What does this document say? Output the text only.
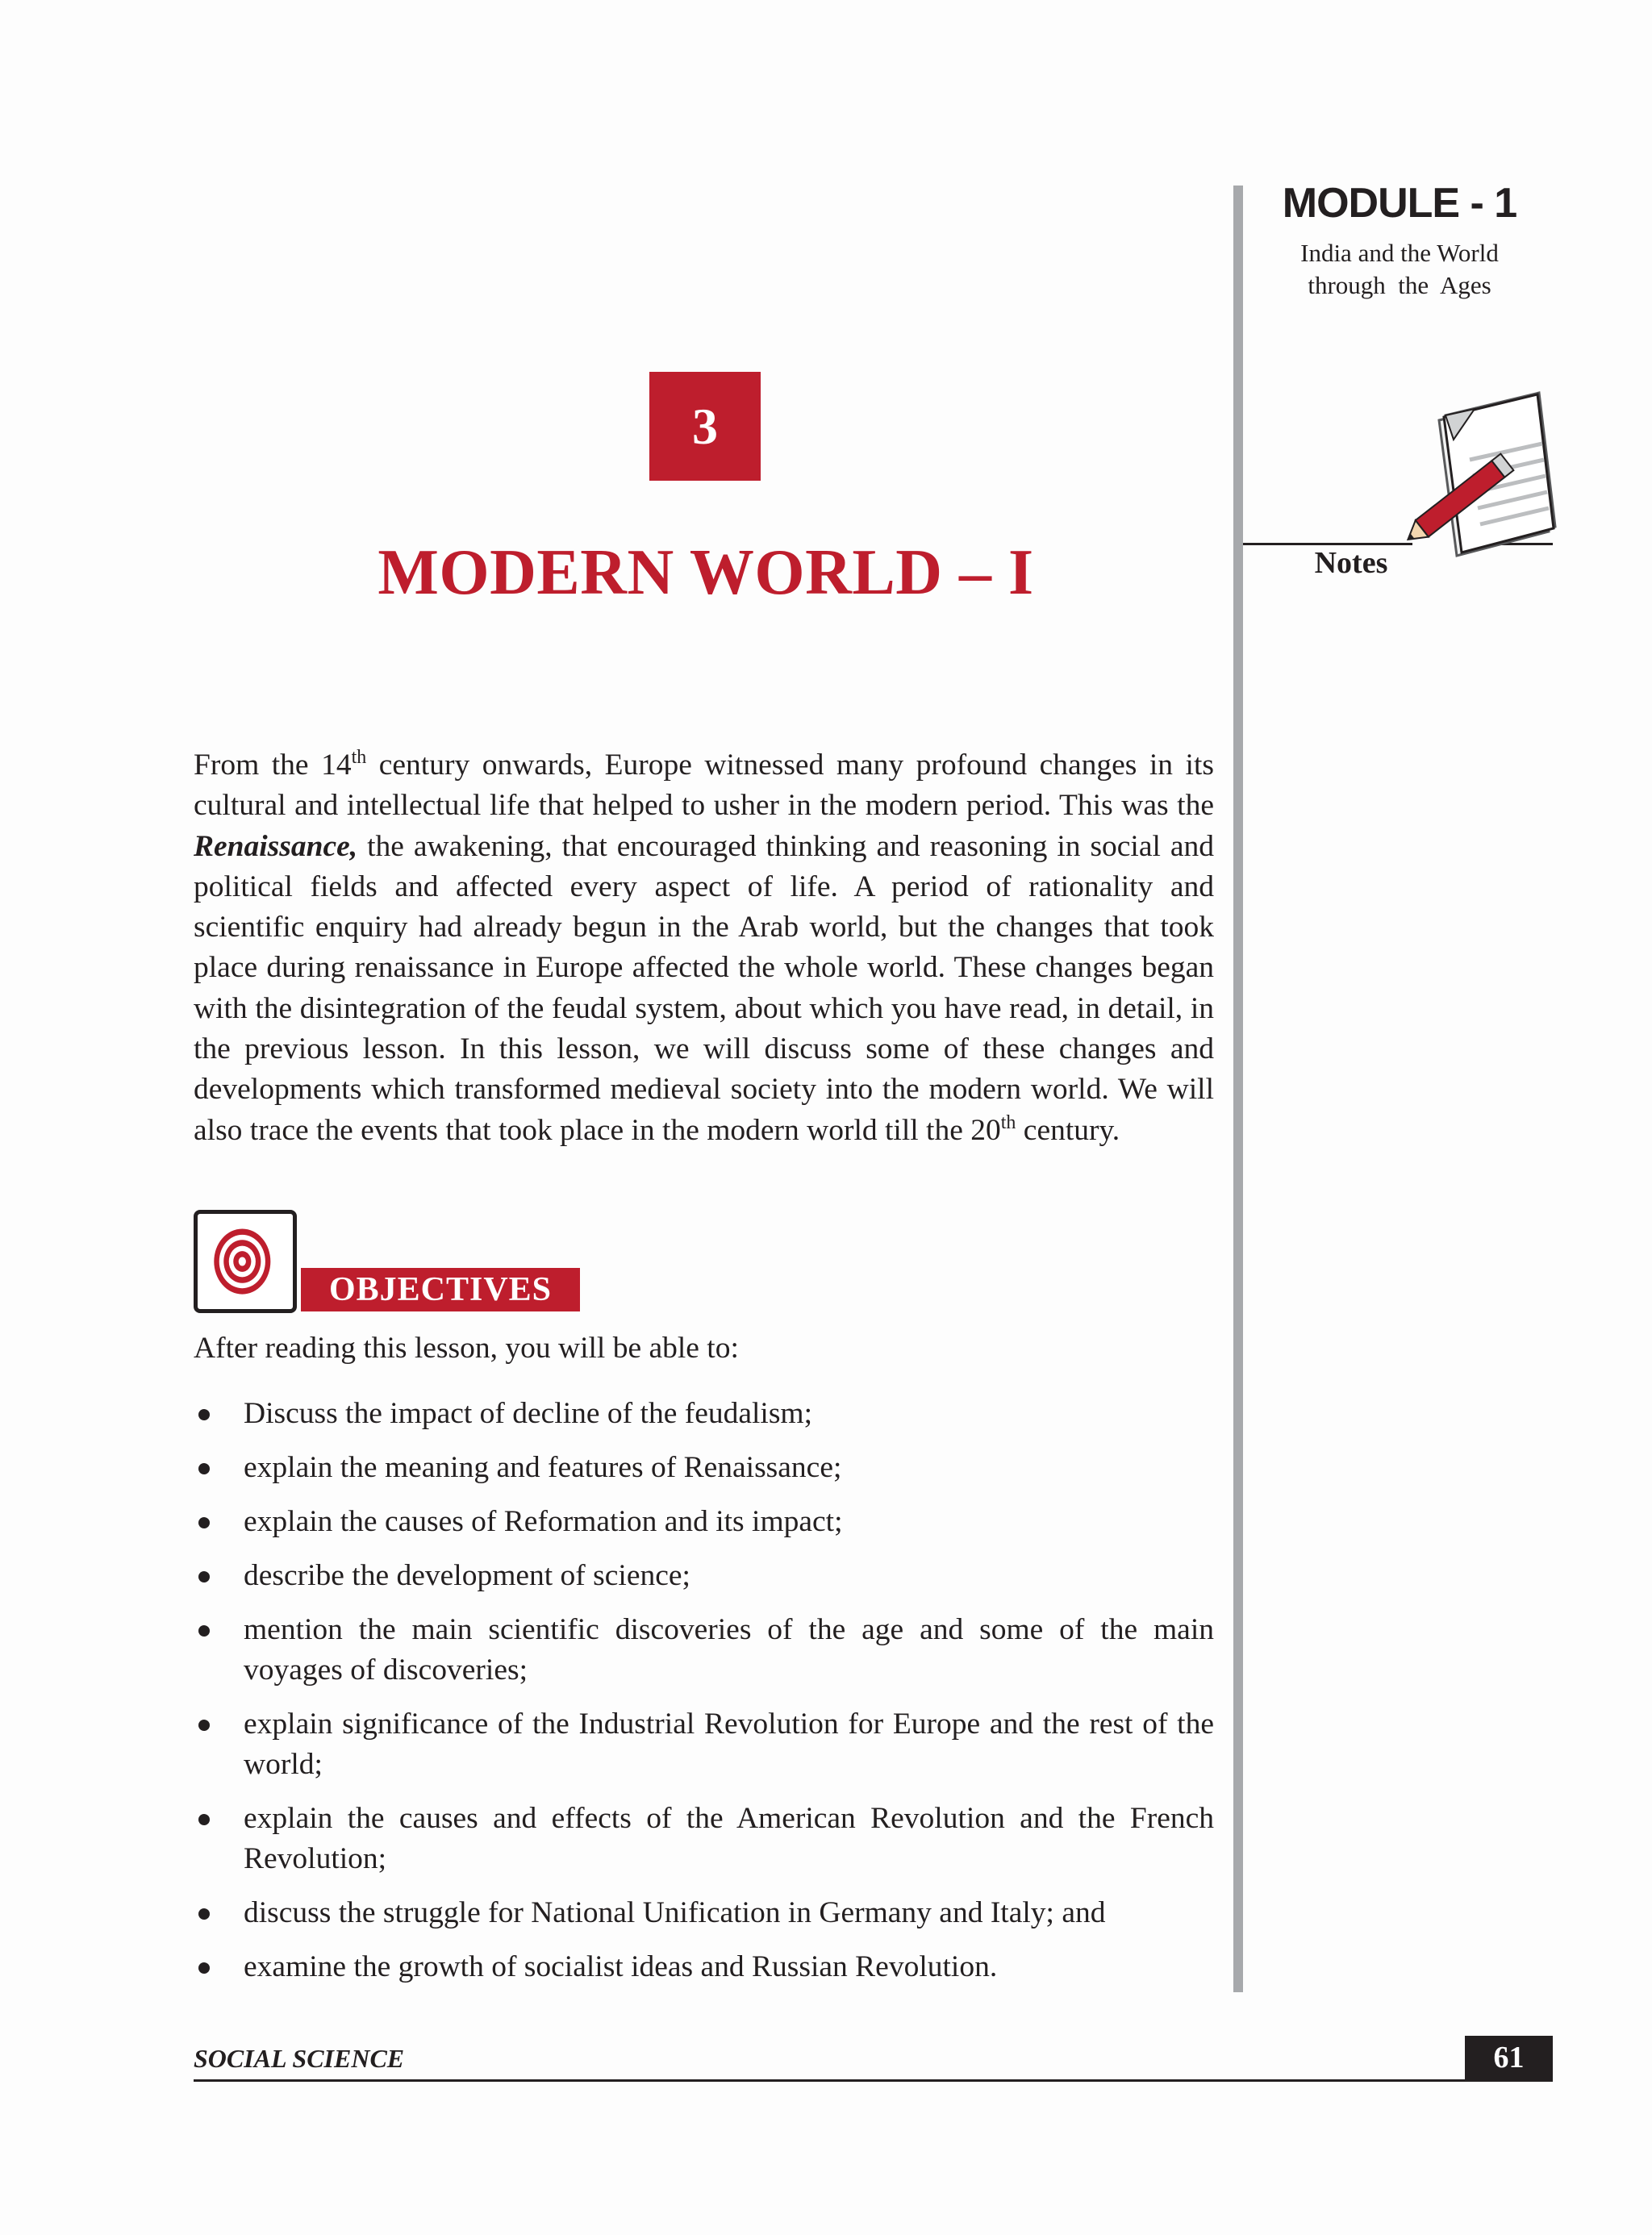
MODULE - 1
India and the World
through  the  Ages
Notes
3
MODERN WORLD – I

From the 14th century onwards, Europe witnessed many profound changes in its cultural and intellectual life that helped to usher in the modern period. This was the Renaissance, the awakening, that encouraged thinking and reasoning in social and political fields and affected every aspect of life. A period of rationality and scientific enquiry had already begun in the Arab world, but the changes that took place during renaissance in Europe affected the whole world. These changes began with the disintegration of the feudal system, about which you have read, in detail, in the previous lesson. In this lesson, we will discuss some of these changes and developments which transformed medieval society into the modern world. We will also trace the events that took place in the modern world till the 20th century.

OBJECTIVES
After reading this lesson, you will be able to:
Discuss the impact of decline of the feudalism;
explain the meaning and features of Renaissance;
explain the causes of Reformation and its impact;
describe the development of science;
mention the main scientific discoveries of the age and some of the main voyages of discoveries;
explain significance of the Industrial Revolution for Europe and the rest of the world;
explain the causes and effects of the American Revolution and the French Revolution;
discuss the struggle for National Unification in Germany and Italy; and
examine the growth of socialist ideas and Russian Revolution.
SOCIAL SCIENCE	61
